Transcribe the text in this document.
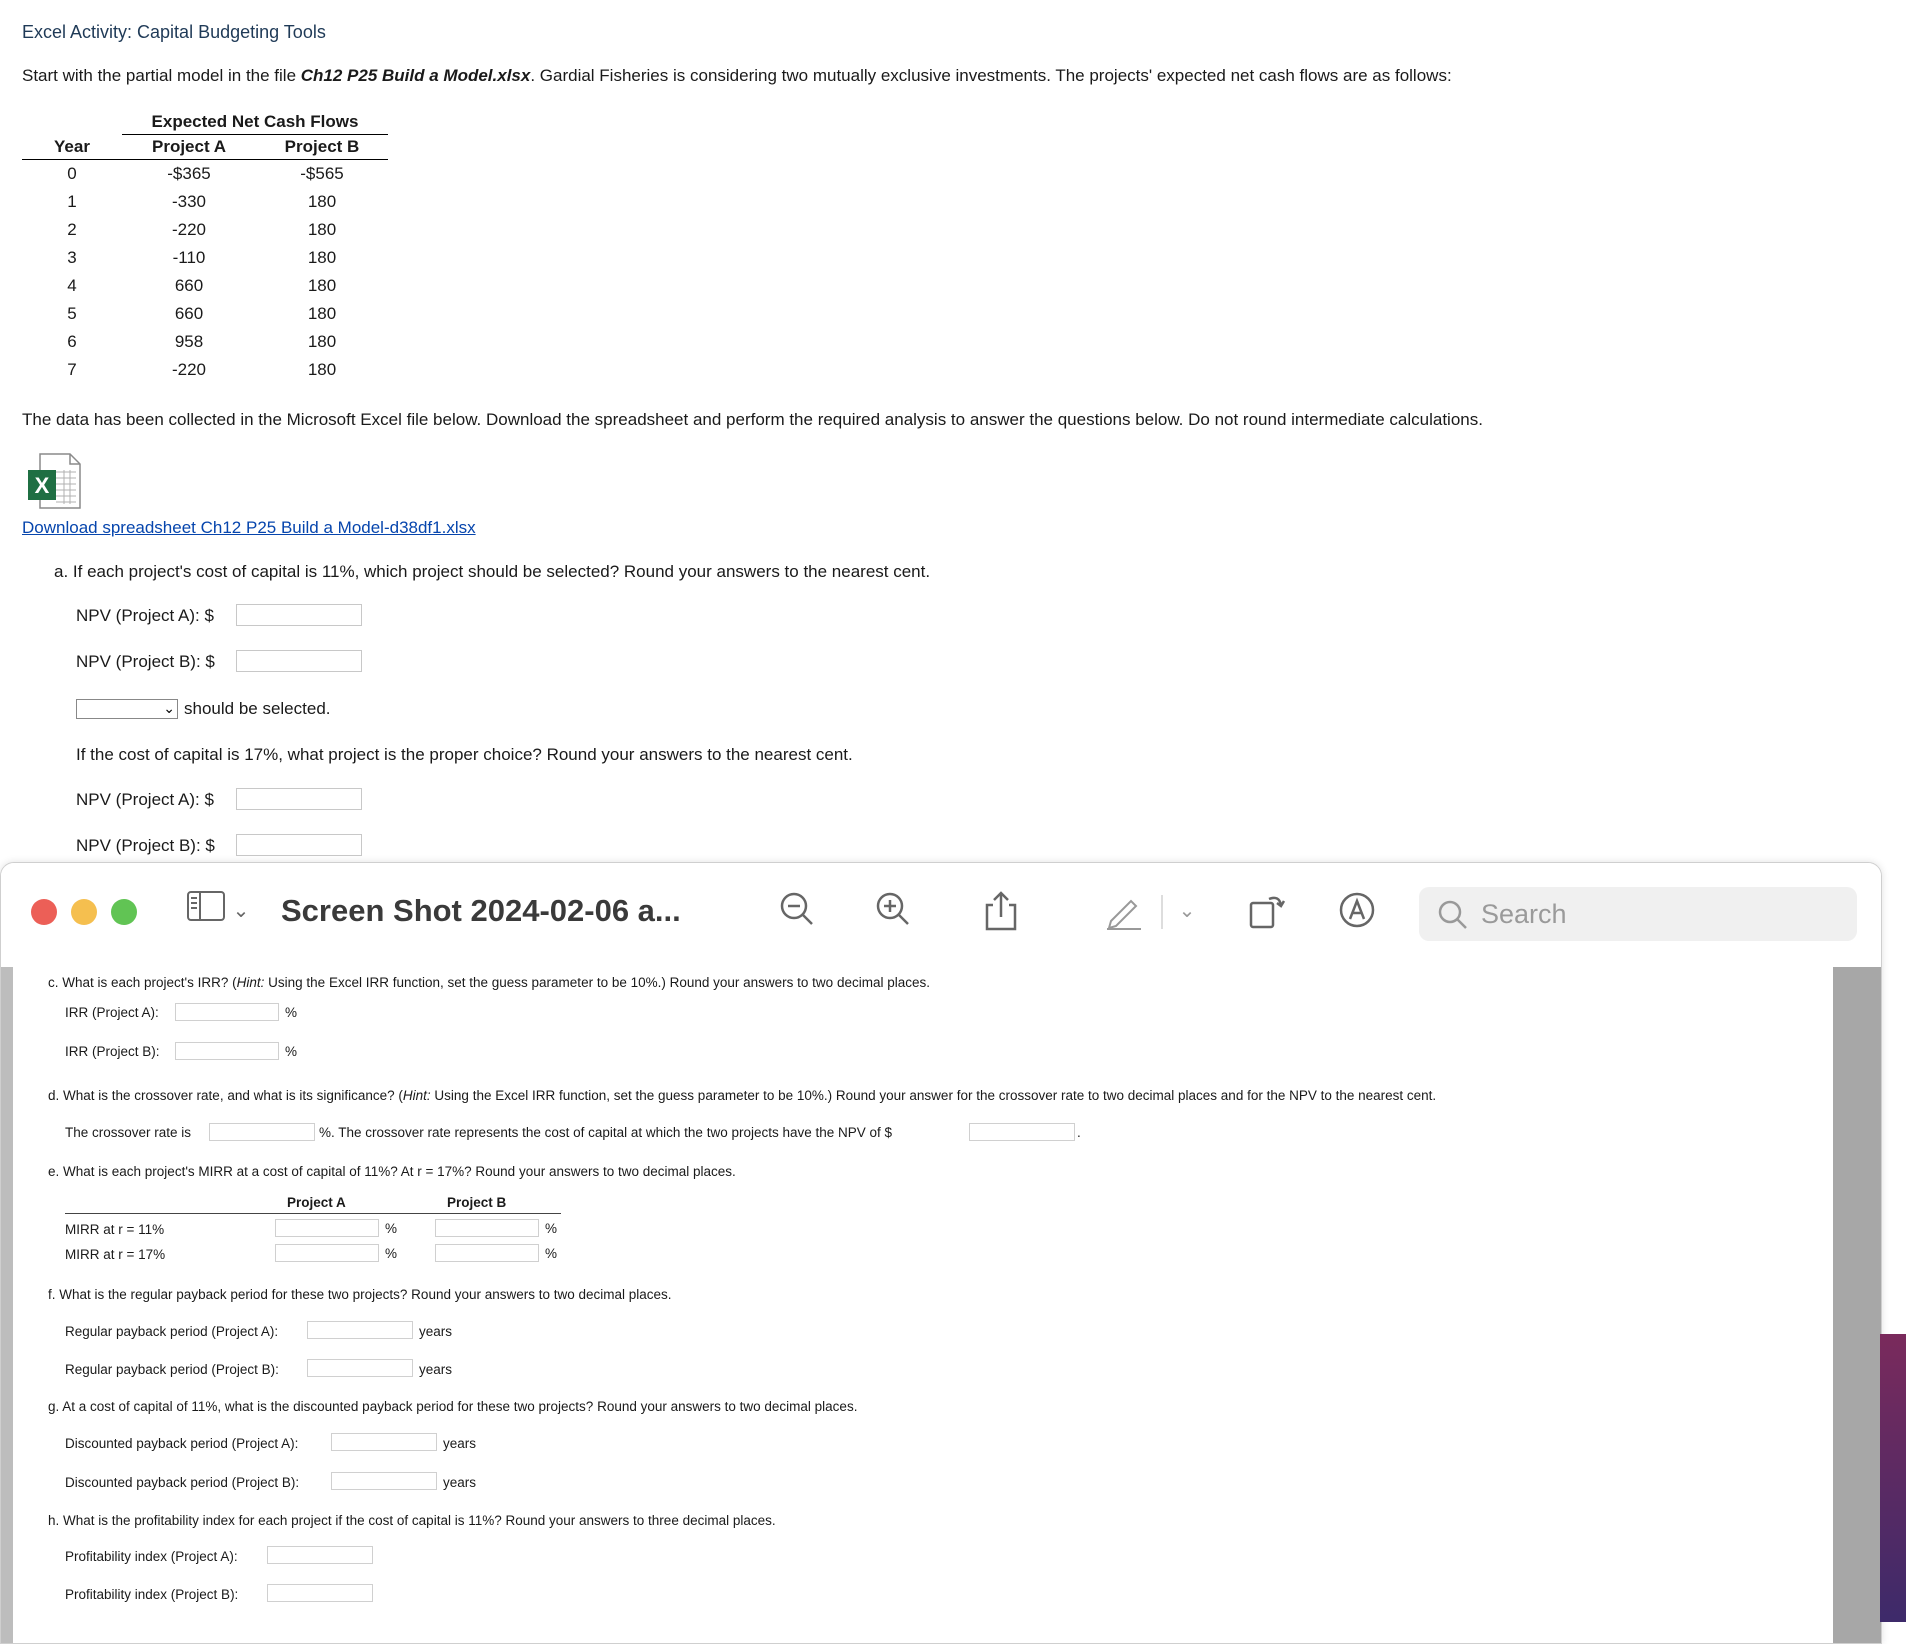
Excel Activity: Capital Budgeting Tools
Start with the partial model in the file Ch12 P25 Build a Model.xlsx. Gardial Fisheries is considering two mutually exclusive investments. The projects' expected net cash flows are as follows:
	Expected Net Cash Flows	
Year	Project A	Project B
0	-$365	-$565
1	-330	180
2	-220	180
3	-110	180
4	660	180
5	660	180
6	958	180
7	-220	180
The data has been collected in the Microsoft Excel file below. Download the spreadsheet and perform the required analysis to answer the questions below. Do not round intermediate calculations.
X
Download spreadsheet Ch12 P25 Build a Model-d38df1.xlsx
a. If each project's cost of capital is 11%, which project should be selected? Round your answers to the nearest cent.
NPV (Project A): $
NPV (Project B): $
⌄ should be selected.
If the cost of capital is 17%, what project is the proper choice? Round your answers to the nearest cent.
NPV (Project A): $
NPV (Project B): $
⌄ Screen Shot 2024-02-06 a...	⌄	Search
c. What is each project's IRR? (Hint: Using the Excel IRR function, set the guess parameter to be 10%.) Round your answers to two decimal places.
IRR (Project A):	%
IRR (Project B):	%
d. What is the crossover rate, and what is its significance? (Hint: Using the Excel IRR function, set the guess parameter to be 10%.) Round your answer for the crossover rate to two decimal places and for the NPV to the nearest cent.
The crossover rate is	%. The crossover rate represents the cost of capital at which the two projects have the NPV of $	.
e. What is each project's MIRR at a cost of capital of 11%? At r = 17%? Round your answers to two decimal places.
Project A	Project B
MIRR at r = 11%	%	%
MIRR at r = 17%	%	%
f. What is the regular payback period for these two projects? Round your answers to two decimal places.
Regular payback period (Project A):	years
Regular payback period (Project B):	years
g. At a cost of capital of 11%, what is the discounted payback period for these two projects? Round your answers to two decimal places.
Discounted payback period (Project A):	years
Discounted payback period (Project B):	years
h. What is the profitability index for each project if the cost of capital is 11%? Round your answers to three decimal places.
Profitability index (Project A):
Profitability index (Project B):
